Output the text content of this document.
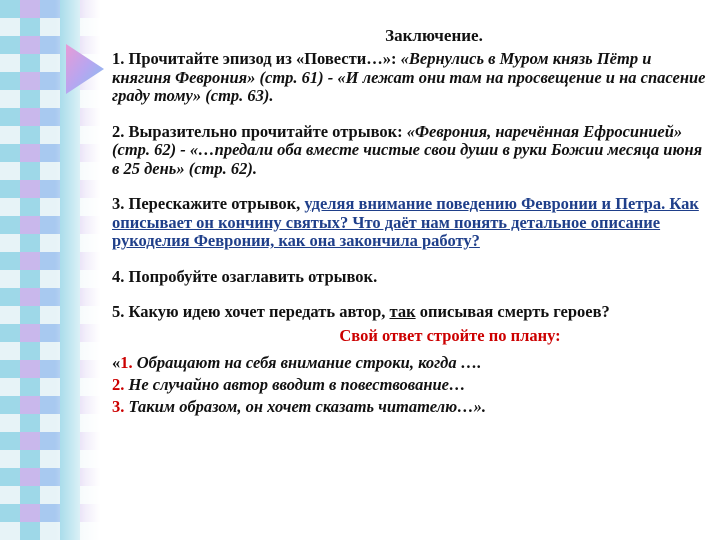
Заключение.
1. Прочитайте эпизод из «Повести…»: «Вернулись в Муром князь Пётр и княгиня Феврония» (стр. 61) - «И лежат они там на просвещение и на спасение граду тому» (стр. 63).
2. Выразительно прочитайте отрывок: «Феврония, наречённая Ефросинией» (стр. 62) - «…предали оба вместе чистые свои души в руки Божии месяца июня в 25 день» (стр. 62).
3. Перескажите отрывок, уделяя внимание поведению Февронии и Петра. Как описывает он кончину святых? Что даёт нам понять детальное описание рукоделия Февронии, как она закончила работу?
4. Попробуйте озаглавить отрывок.
5. Какую идею хочет передать автор, так описывая смерть героев?
Свой ответ стройте по плану:
«1. Обращают на себя внимание строки, когда ….
2. Не случайно автор вводит в повествование…
3. Таким образом, он хочет сказать читателю…».
